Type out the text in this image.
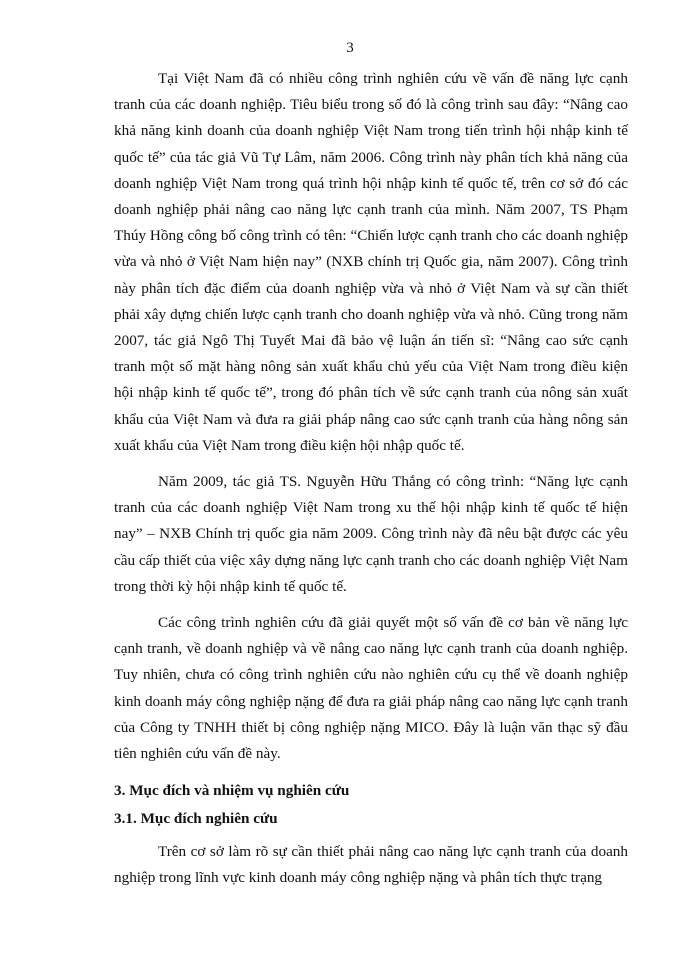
3

Tại Việt Nam đã có nhiều công trình nghiên cứu về vấn đề năng lực cạnh tranh của các doanh nghiệp. Tiêu biểu trong số đó là công trình sau đây: “Nâng cao khả năng kinh doanh của doanh nghiệp Việt Nam trong tiến trình hội nhập kinh tế quốc tế” của tác giả Vũ Tự Lâm, năm 2006. Công trình này phân tích khả năng của doanh nghiệp Việt Nam trong quá trình hội nhập kinh tế quốc tế, trên cơ sở đó các doanh nghiệp phải nâng cao năng lực cạnh tranh của mình. Năm 2007, TS Phạm Thúy Hồng công bố công trình có tên: “Chiến lược cạnh tranh cho các doanh nghiệp vừa và nhỏ ở Việt Nam hiện nay” (NXB chính trị Quốc gia, năm 2007). Công trình này phân tích đặc điểm của doanh nghiệp vừa và nhỏ ở Việt Nam và sự cần thiết phải xây dựng chiến lược cạnh tranh cho doanh nghiệp vừa và nhỏ. Cũng trong năm 2007, tác giả Ngô Thị Tuyết Mai đã bảo vệ luận án tiến sĩ: “Nâng cao sức cạnh tranh một số mặt hàng nông sản xuất khẩu chủ yếu của Việt Nam trong điều kiện hội nhập kinh tế quốc tế”, trong đó phân tích về sức cạnh tranh của nông sản xuất khẩu của Việt Nam và đưa ra giải pháp nâng cao sức cạnh tranh của hàng nông sản xuất khẩu của Việt Nam trong điều kiện hội nhập quốc tế.

Năm 2009, tác giả TS. Nguyễn Hữu Thắng có công trình: “Năng lực cạnh tranh của các doanh nghiệp Việt Nam trong xu thế hội nhập kinh tế quốc tế hiện nay” – NXB Chính trị quốc gia năm 2009. Công trình này đã nêu bật được các yêu cầu cấp thiết của việc xây dựng năng lực cạnh tranh cho các doanh nghiệp Việt Nam trong thời kỳ hội nhập kinh tế quốc tế.

Các công trình nghiên cứu đã giải quyết một số vấn đề cơ bản về năng lực cạnh tranh, về doanh nghiệp và về nâng cao năng lực cạnh tranh của doanh nghiệp. Tuy nhiên, chưa có công trình nghiên cứu nào nghiên cứu cụ thể về doanh nghiệp kinh doanh máy công nghiệp nặng để đưa ra giải pháp nâng cao năng lực cạnh tranh của Công ty TNHH thiết bị công nghiệp nặng MICO. Đây là luận văn thạc sỹ đầu tiên nghiên cứu vấn đề này.

3. Mục đích và nhiệm vụ nghiên cứu

3.1. Mục đích nghiên cứu

Trên cơ sở làm rõ sự cần thiết phải nâng cao năng lực cạnh tranh của doanh nghiệp trong lĩnh vực kinh doanh máy công nghiệp nặng và phân tích thực trạng
